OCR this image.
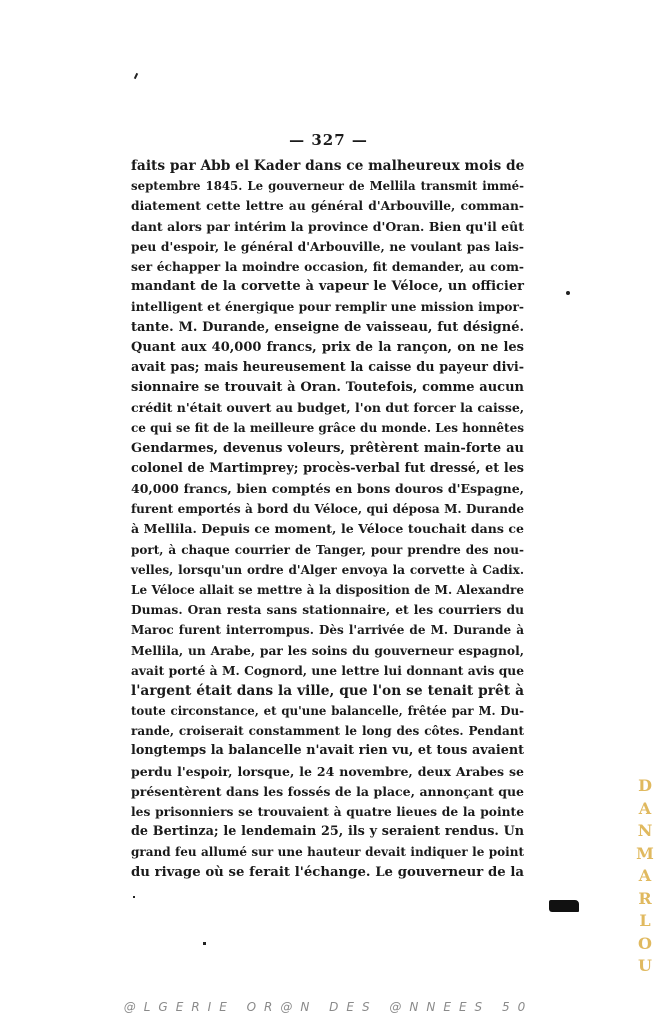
— 327 —
faits par Abb el Kader dans ce malheureux mois de
septembre 1845. Le gouverneur de Mellila transmit immé-
diatement cette lettre au général d'Arbouville, comman-
dant alors par intérim la province d'Oran. Bien qu'il eût
peu d'espoir, le général d'Arbouville, ne voulant pas lais-
ser échapper la moindre occasion, fit demander, au com-
mandant de la corvette à vapeur le Véloce, un officier
intelligent et énergique pour remplir une mission impor-
tante. M. Durande, enseigne de vaisseau, fut désigné.
Quant aux 40,000 francs, prix de la rançon, on ne les
avait pas; mais heureusement la caisse du payeur divi-
sionnaire se trouvait à Oran. Toutefois, comme aucun
crédit n'était ouvert au budget, l'on dut forcer la caisse,
ce qui se fit de la meilleure grâce du monde. Les honnêtes
Gendarmes, devenus voleurs, prêtèrent main-forte au
colonel de Martimprey; procès-verbal fut dressé, et les
40,000 francs, bien comptés en bons douros d'Espagne,
furent emportés à bord du Véloce, qui déposa M. Durande
à Mellila. Depuis ce moment, le Véloce touchait dans ce
port, à chaque courrier de Tanger, pour prendre des nou-
velles, lorsqu'un ordre d'Alger envoya la corvette à Cadix.
Le Véloce allait se mettre à la disposition de M. Alexandre
Dumas. Oran resta sans stationnaire, et les courriers du
Maroc furent interrompus. Dès l'arrivée de M. Durande à
Mellila, un Arabe, par les soins du gouverneur espagnol,
avait porté à M. Cognord, une lettre lui donnant avis que
l'argent était dans la ville, que l'on se tenait prêt à
toute circonstance, et qu'une balancelle, frêtée par M. Du-
rande, croiserait constamment le long des côtes. Pendant
longtemps la balancelle n'avait rien vu, et tous avaient
perdu l'espoir, lorsque, le 24 novembre, deux Arabes se
présentèrent dans les fossés de la place, annonçant que
les prisonniers se trouvaient à quatre lieues de la pointe
de Bertinza; le lendemain 25, ils y seraient rendus. Un
grand feu allumé sur une hauteur devait indiquer le point
du rivage où se ferait l'échange. Le gouverneur de la
DANMARLOU
@LGERIE OR@N DES @NNEES 50
